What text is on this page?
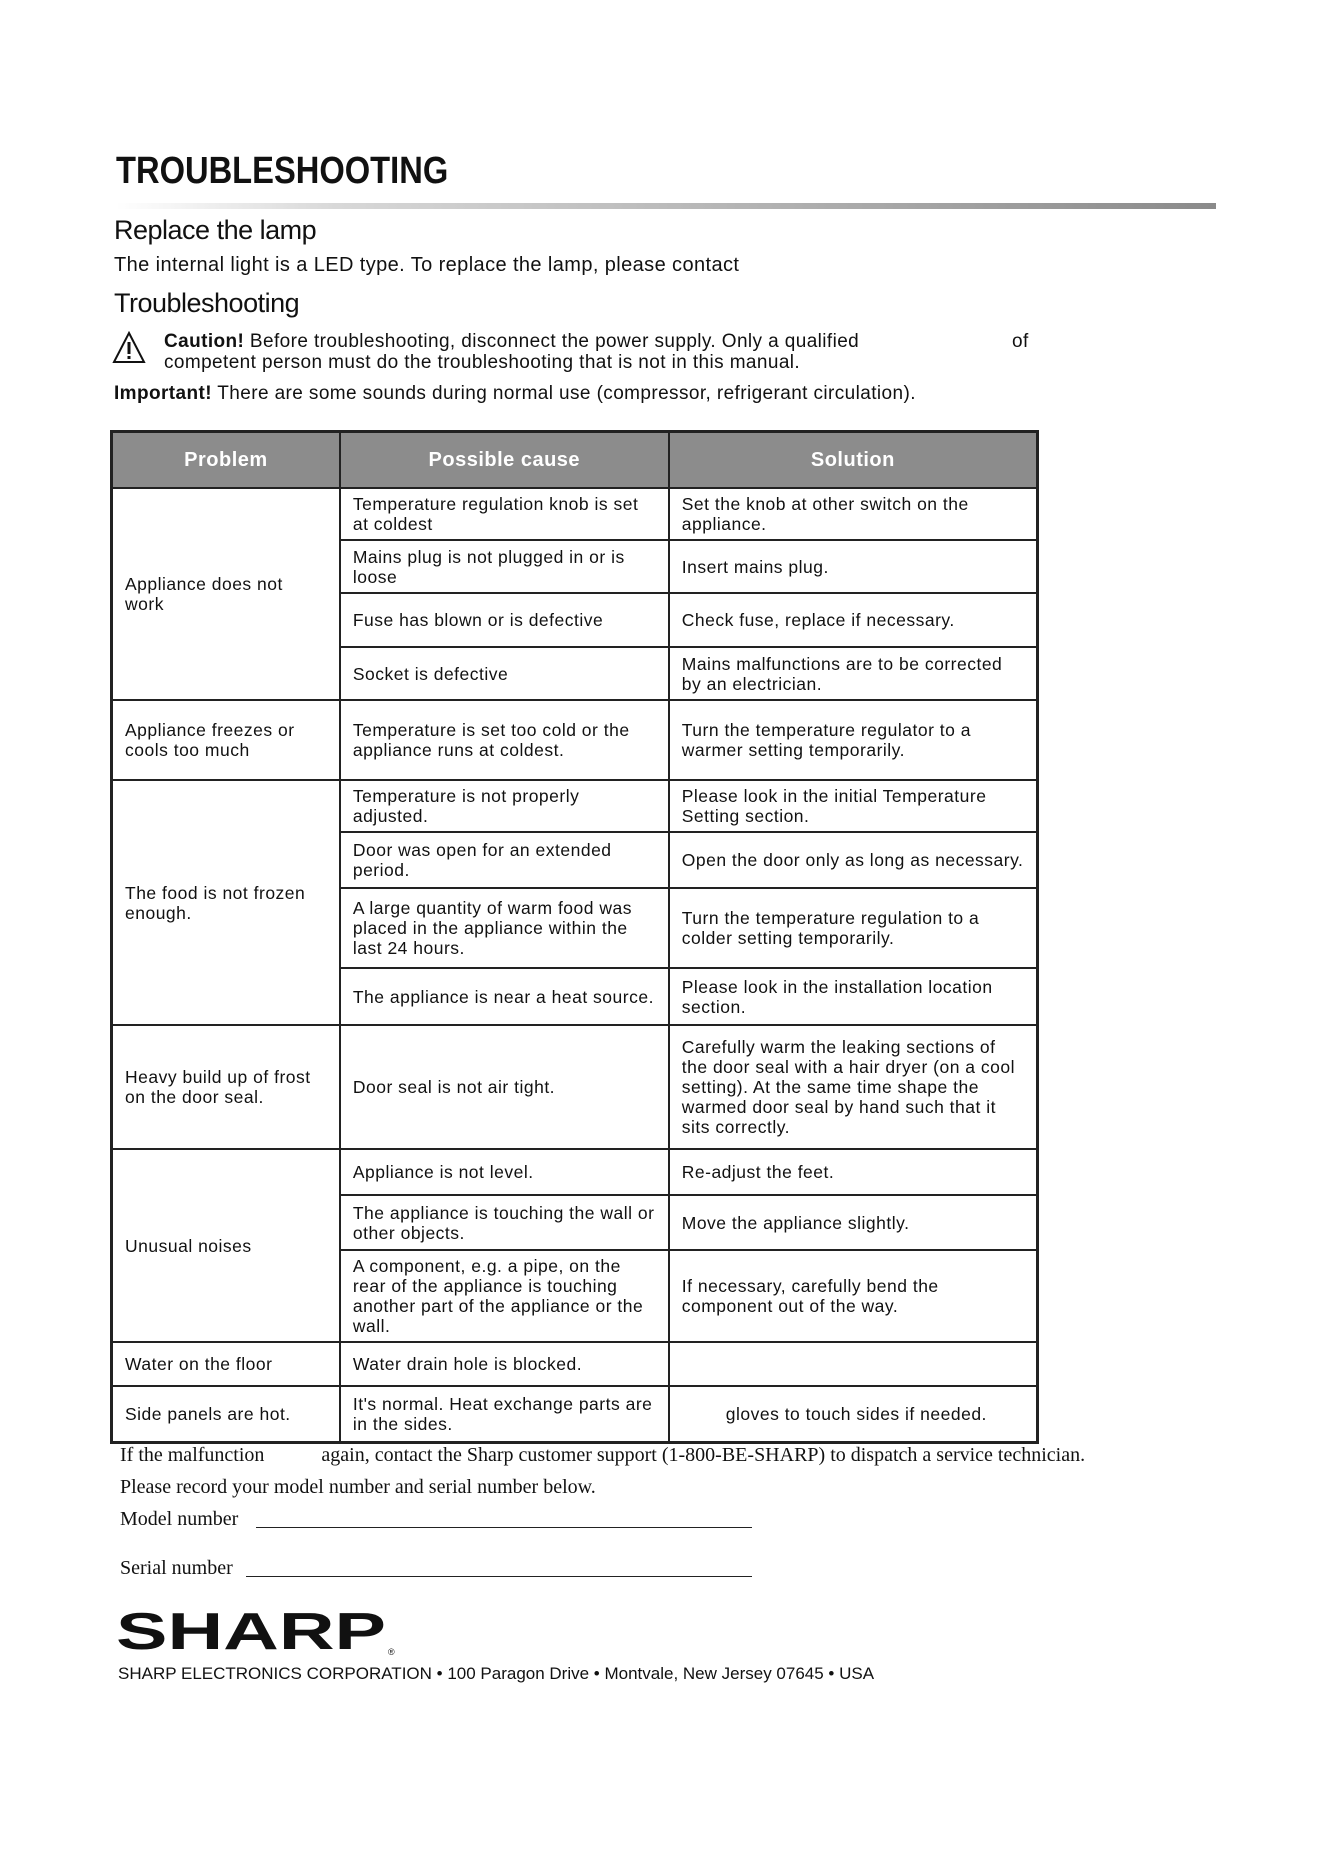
TROUBLESHOOTING
Replace the lamp
The internal light is a LED type. To replace the lamp, please contact
Troubleshooting
Caution! Before troubleshooting, disconnect the power supply. Only a qualified	of
competent person must do the troubleshooting that is not in this manual.
Important! There are some sounds during normal use (compressor, refrigerant circulation).
Problem	Possible cause	Solution
Appliance does not work	Temperature regulation knob is set at coldest	Set the knob at other switch on the appliance.
	Mains plug is not plugged in or is loose	Insert mains plug.
	Fuse has blown or is defective	Check fuse, replace if necessary.
	Socket is defective	Mains malfunctions are to be corrected by an electrician.
Appliance freezes or cools too much	Temperature is set too cold or the appliance runs at coldest.	Turn the temperature regulator to a warmer setting temporarily.
The food is not frozen enough.	Temperature is not properly adjusted.	Please look in the initial Temperature Setting section.
	Door was open for an extended period.	Open the door only as long as necessary.
	A large quantity of warm food was placed in the appliance within the last 24 hours.	Turn the temperature regulation to a colder setting temporarily.
	The appliance is near a heat source.	Please look in the installation location section.
Heavy build up of frost on the door seal.	Door seal is not air tight.	Carefully warm the leaking sections of the door seal with a hair dryer (on a cool setting). At the same time shape the warmed door seal by hand such that it sits correctly.
Unusual noises	Appliance is not level.	Re-adjust the feet.
	The appliance is touching the wall or other objects.	Move the appliance slightly.
	A component, e.g. a pipe, on the rear of the appliance is touching another part of the appliance or the wall.	If necessary, carefully bend the component out of the way.
Water on the floor	Water drain hole is blocked.	
Side panels are hot.	It's normal. Heat exchange parts are in the sides.	gloves to touch sides if needed.
If the malfunction	again, contact the Sharp customer support (1-800-BE-SHARP) to dispatch a service technician.
Please record your model number and serial number below.
Model number
Serial number
SHARP ®
SHARP ELECTRONICS CORPORATION • 100 Paragon Drive • Montvale, New Jersey 07645 • USA
